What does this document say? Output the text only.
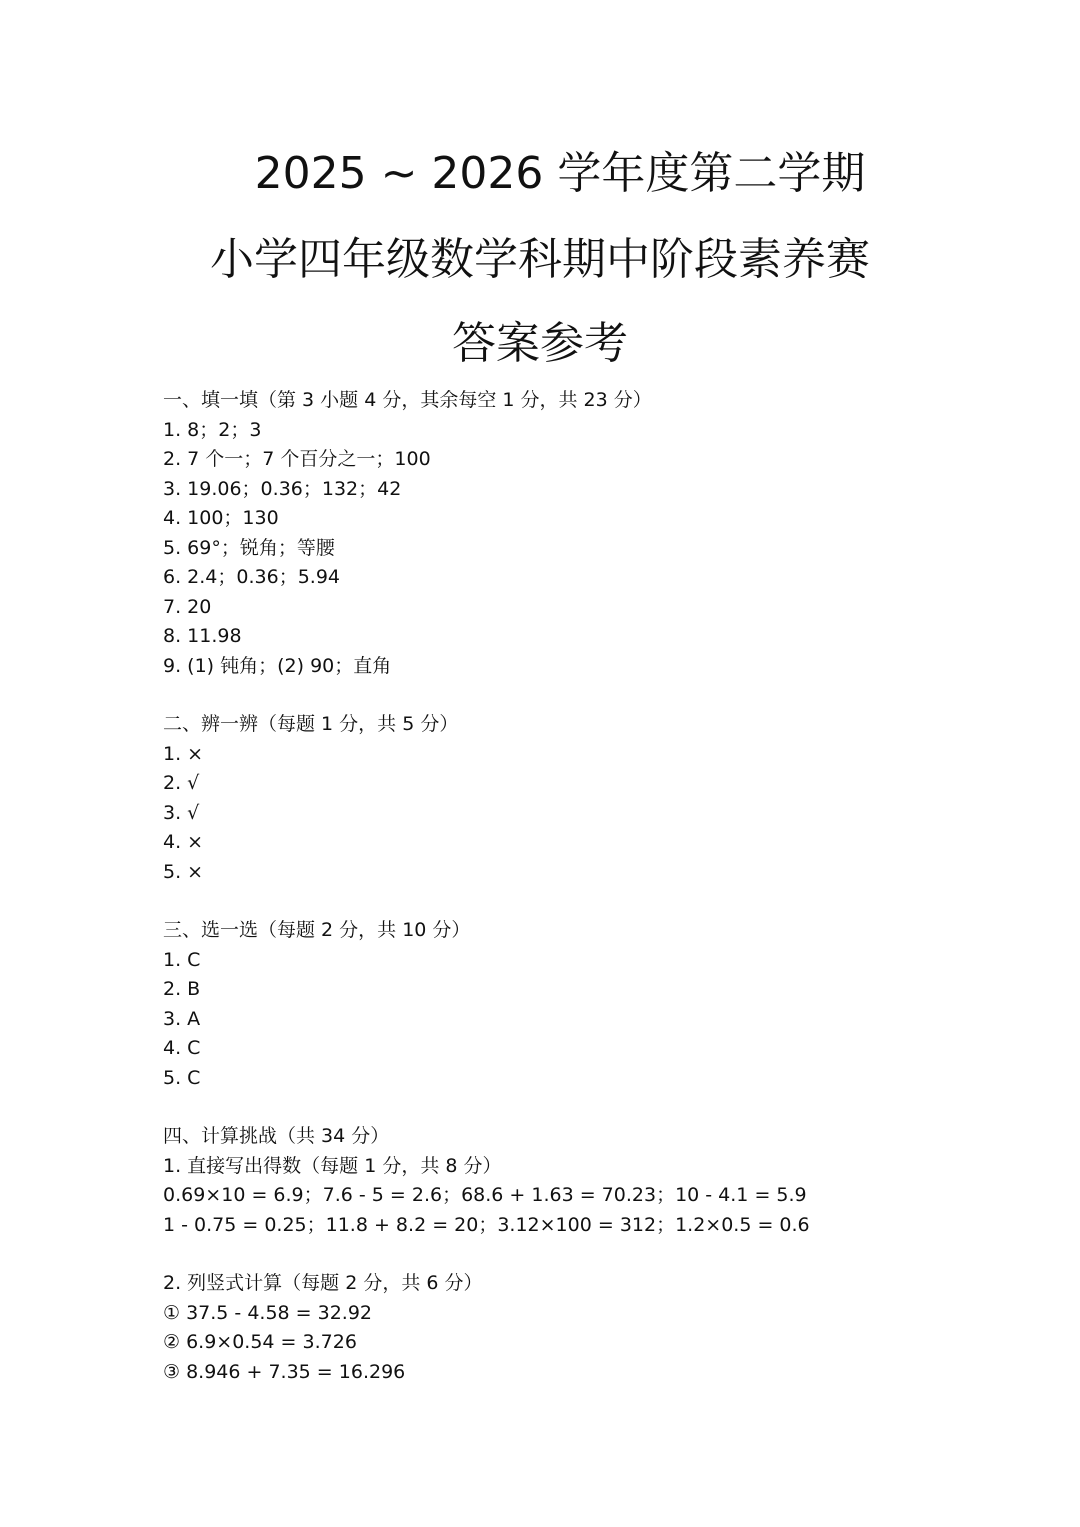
2025 ~ 2026 学年度第二学期
小学四年级数学科期中阶段素养赛
答案参考
一、填一填（第 3 小题 4 分，其余每空 1 分，共 23 分）
1. 8；2；3
2. 7 个一；7 个百分之一；100
3. 19.06；0.36；132；42
4. 100；130
5. 69°；锐角；等腰
6. 2.4；0.36；5.94
7. 20
8. 11.98
9. (1) 钝角；(2) 90；直角
二、辨一辨（每题 1 分，共 5 分）
1. ×
2. √
3. √
4. ×
5. ×
三、选一选（每题 2 分，共 10 分）
1. C
2. B
3. A
4. C
5. C
四、计算挑战（共 34 分）
1. 直接写出得数（每题 1 分，共 8 分）
0.69×10 = 6.9；7.6 - 5 = 2.6；68.6 + 1.63 = 70.23；10 - 4.1 = 5.9
1 - 0.75 = 0.25；11.8 + 8.2 = 20；3.12×100 = 312；1.2×0.5 = 0.6
2. 列竖式计算（每题 2 分，共 6 分）
① 37.5 - 4.58 = 32.92
② 6.9×0.54 = 3.726
③ 8.946 + 7.35 = 16.296
